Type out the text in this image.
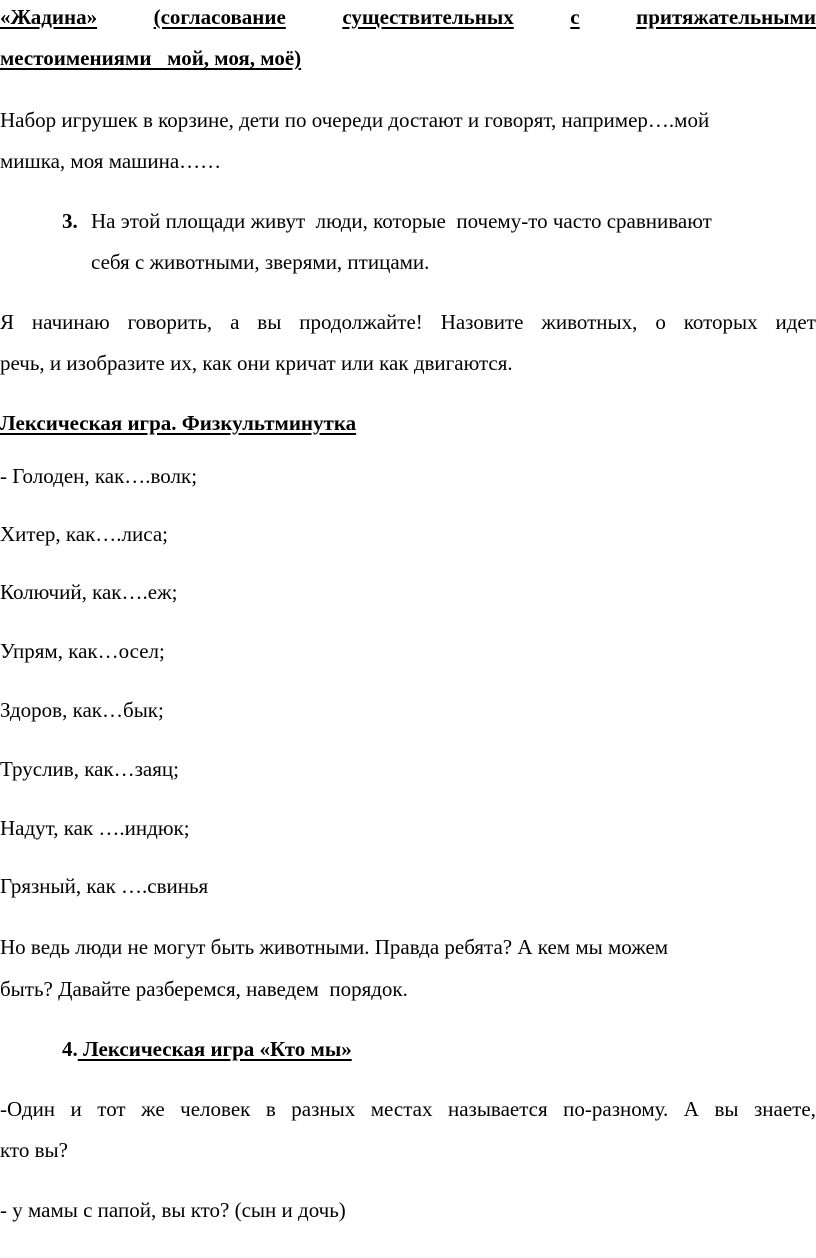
«Жадина»	(согласование	существительных	с	притяжательными
местоимениями   мой, моя, моё)
Набор игрушек в корзине, дети по очереди достают и говорят, например….мой
мишка, моя машина……
3. На этой площади живут  люди, которые  почему-то часто сравнивают
себя с животными, зверями, птицами.
Я начинаю говорить, а вы продолжайте! Назовите животных, о которых идет
речь, и изобразите их, как они кричат или как двигаются.
Лексическая игра. Физкультминутка
- Голоден, как….волк;
Хитер, как….лиса;
Колючий, как….еж;
Упрям, как…осел;
Здоров, как…бык;
Труслив, как…заяц;
Надут, как ….индюк;
Грязный, как ….свинья
Но ведь люди не могут быть животными. Правда ребята? А кем мы можем
быть? Давайте разберемся, наведем  порядок.
4. Лексическая игра «Кто мы»
-Один и тот же человек в разных местах называется по-разному. А вы знаете,
кто вы?
- у мамы с папой, вы кто? (сын и дочь)
